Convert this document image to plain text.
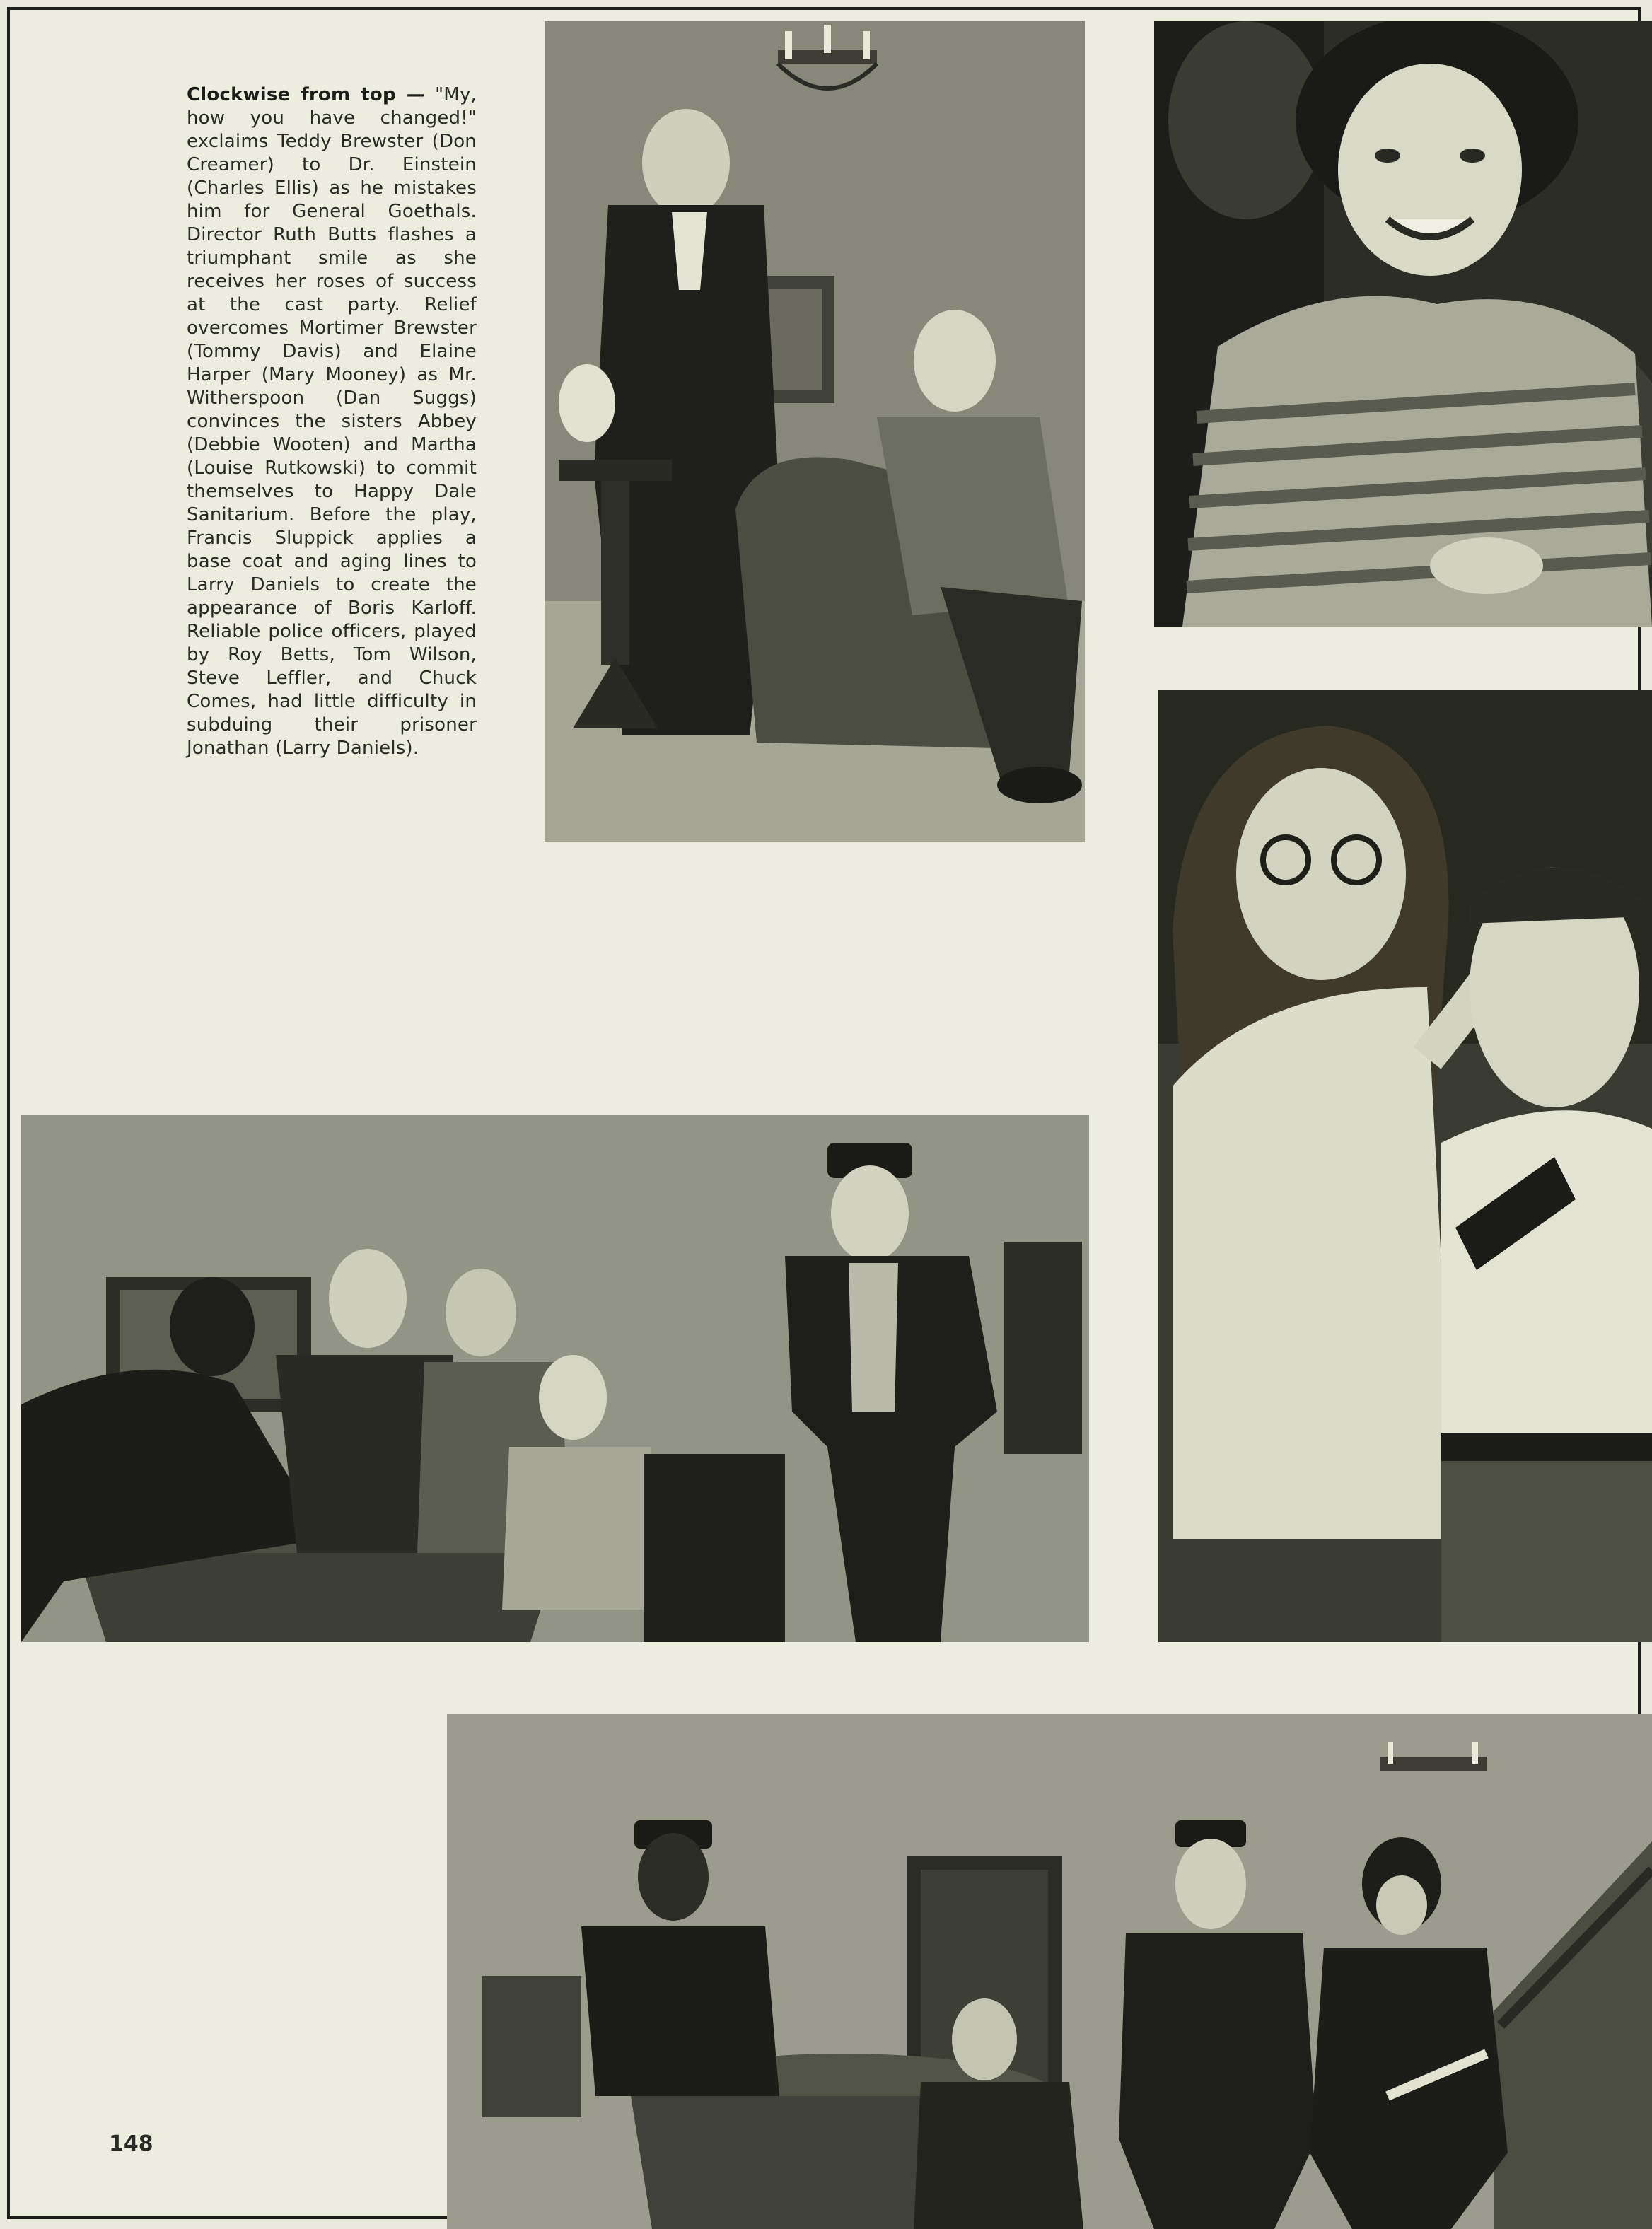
Clockwise from top — "My, how you have changed!" exclaims Teddy Brewster (Don Creamer) to Dr. Einstein (Charles Ellis) as he mistakes him for General Goethals. Director Ruth Butts flashes a triumphant smile as she receives her roses of success at the cast party. Relief overcomes Mortimer Brewster (Tommy Davis) and Elaine Harper (Mary Mooney) as Mr. Witherspoon (Dan Suggs) convinces the sisters Abbey (Debbie Wooten) and Martha (Louise Rutkowski) to commit themselves to Happy Dale Sanitarium. Before the play, Francis Sluppick applies a base coat and aging lines to Larry Daniels to create the appearance of Boris Karloff. Reliable police officers, played by Roy Betts, Tom Wilson, Steve Leffler, and Chuck Comes, had little difficulty in subduing their prisoner Jonathan (Larry Daniels).
148
